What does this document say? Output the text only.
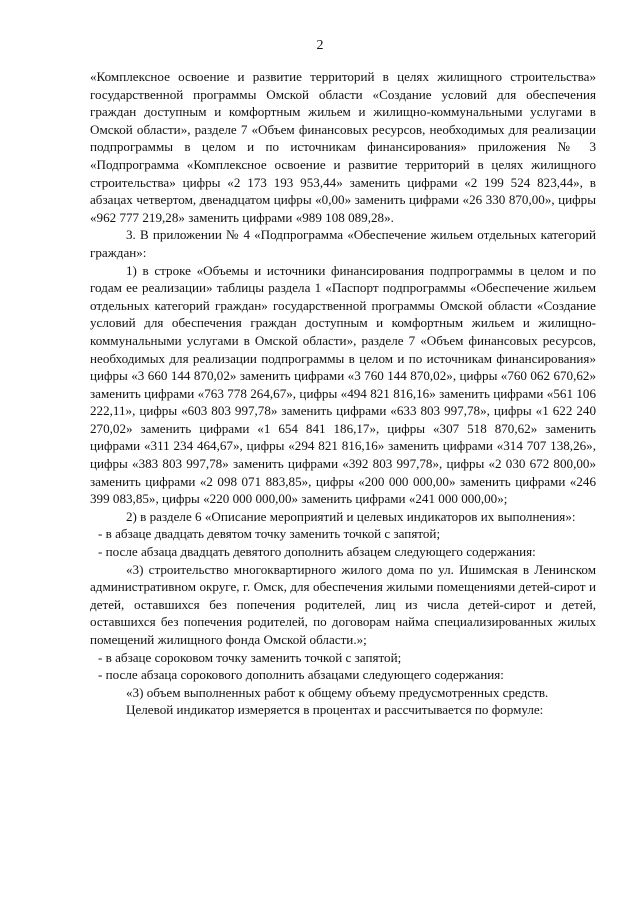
2

«Комплексное освоение и развитие территорий в целях жилищного строительства» государственной программы Омской области «Создание условий для обеспечения граждан доступным и комфортным жильем и жилищно-коммунальными услугами в Омской области», разделе 7 «Объем финансовых ресурсов, необходимых для реализации подпрограммы в целом и по источникам финансирования» приложения № 3 «Подпрограмма «Комплексное освоение и развитие территорий в целях жилищного строительства» цифры «2 173 193 953,44» заменить цифрами «2 199 524 823,44», в абзацах четвертом, двенадцатом цифры «0,00» заменить цифрами «26 330 870,00», цифры «962 777 219,28» заменить цифрами «989 108 089,28».

3. В приложении № 4 «Подпрограмма «Обеспечение жильем отдельных категорий граждан»:

1) в строке «Объемы и источники финансирования подпрограммы в целом и по годам ее реализации» таблицы раздела 1 «Паспорт подпрограммы «Обеспечение жильем отдельных категорий граждан» государственной программы Омской области «Создание условий для обеспечения граждан доступным и комфортным жильем и жилищно-коммунальными услугами в Омской области», разделе 7 «Объем финансовых ресурсов, необходимых для реализации подпрограммы в целом и по источникам финансирования» цифры «3 660 144 870,02» заменить цифрами «3 760 144 870,02», цифры «760 062 670,62» заменить цифрами «763 778 264,67», цифры «494 821 816,16» заменить цифрами «561 106 222,11», цифры «603 803 997,78» заменить цифрами «633 803 997,78», цифры «1 622 240 270,02» заменить цифрами «1 654 841 186,17», цифры «307 518 870,62» заменить цифрами «311 234 464,67», цифры «294 821 816,16» заменить цифрами «314 707 138,26», цифры «383 803 997,78» заменить цифрами «392 803 997,78», цифры «2 030 672 800,00» заменить цифрами «2 098 071 883,85», цифры «200 000 000,00» заменить цифрами «246 399 083,85», цифры «220 000 000,00» заменить цифрами «241 000 000,00»;

2) в разделе 6 «Описание мероприятий и целевых индикаторов их выполнения»:

- в абзаце двадцать девятом точку заменить точкой с запятой;

- после абзаца двадцать девятого дополнить абзацем следующего содержания:

«3) строительство многоквартирного жилого дома по ул. Ишимская в Ленинском административном округе, г. Омск, для обеспечения жилыми помещениями детей-сирот и детей, оставшихся без попечения родителей, лиц из числа детей-сирот и детей, оставшихся без попечения родителей, по договорам найма специализированных жилых помещений жилищного фонда Омской области.»;

- в абзаце сороковом точку заменить точкой с запятой;

- после абзаца сорокового дополнить абзацами следующего содержания:

«3) объем выполненных работ к общему объему предусмотренных средств.

Целевой индикатор измеряется в процентах и рассчитывается по формуле:
